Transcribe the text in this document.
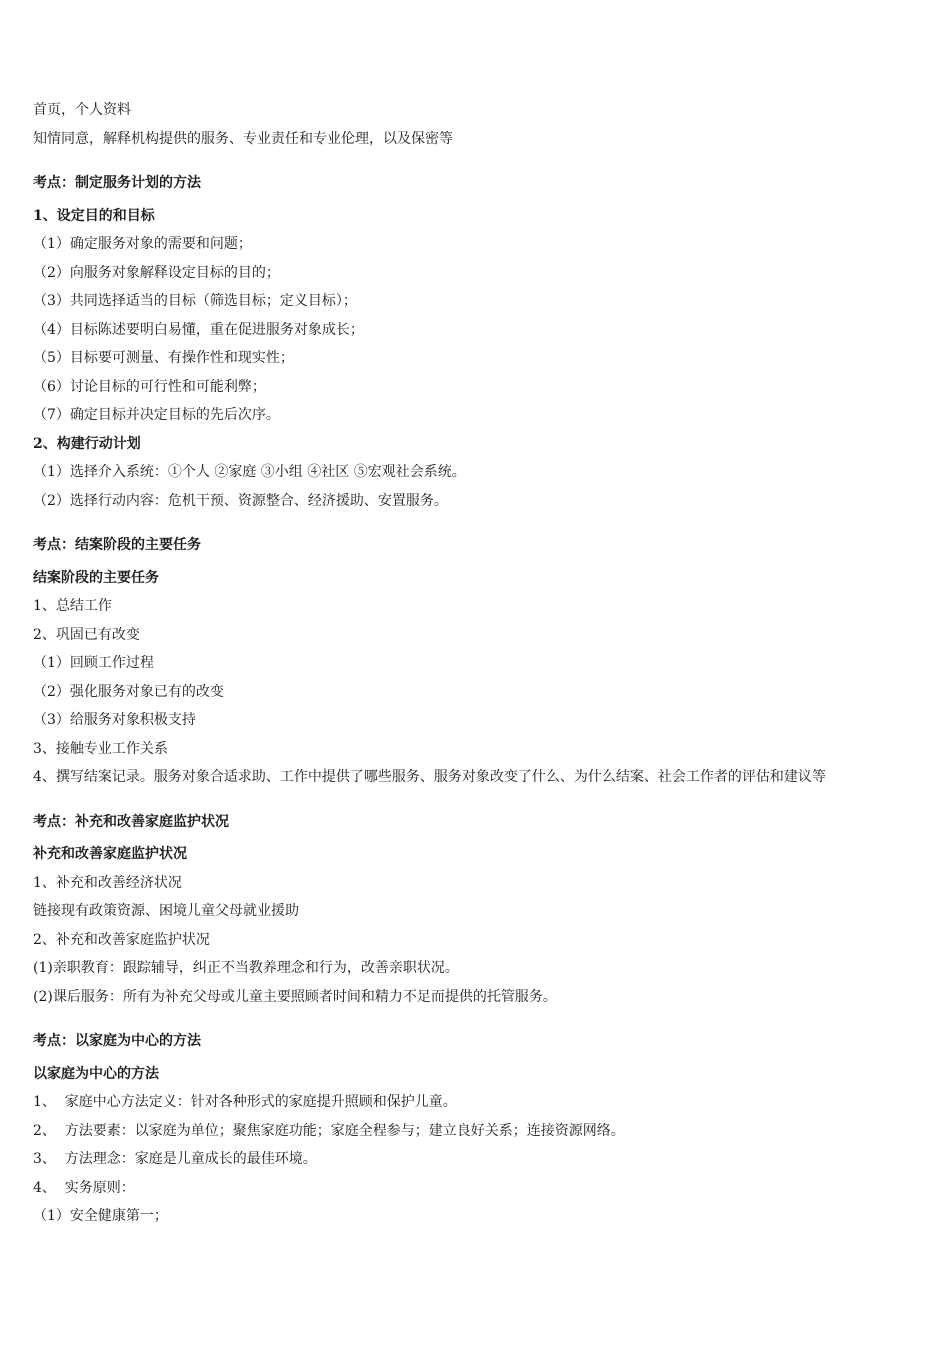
首页，个人资料

知情同意，解释机构提供的服务、专业责任和专业伦理，以及保密等

考点：制定服务计划的方法

1、设定目的和目标

（1）确定服务对象的需要和问题；

（2）向服务对象解释设定目标的目的；

（3）共同选择适当的目标（筛选目标；定义目标）；

（4）目标陈述要明白易懂，重在促进服务对象成长；

（5）目标要可测量、有操作性和现实性；

（6）讨论目标的可行性和可能利弊；

（7）确定目标并决定目标的先后次序。

2、构建行动计划

（1）选择介入系统：①个人 ②家庭 ③小组 ④社区 ⑤宏观社会系统。

（2）选择行动内容：危机干预、资源整合、经济援助、安置服务。

考点：结案阶段的主要任务

结案阶段的主要任务

1、总结工作

2、巩固已有改变

（1）回顾工作过程

（2）强化服务对象已有的改变

（3）给服务对象积极支持

3、接触专业工作关系

4、撰写结案记录。服务对象合适求助、工作中提供了哪些服务、服务对象改变了什么、为什么结案、社会工作者的评估和建议等

考点：补充和改善家庭监护状况

补充和改善家庭监护状况

1、补充和改善经济状况

链接现有政策资源、困境儿童父母就业援助

2、补充和改善家庭监护状况

(1)亲职教育：跟踪辅导，纠正不当教养理念和行为，改善亲职状况。

(2)课后服务：所有为补充父母或儿童主要照顾者时间和精力不足而提供的托管服务。

考点：以家庭为中心的方法

以家庭为中心的方法

1、  家庭中心方法定义：针对各种形式的家庭提升照顾和保护儿童。

2、  方法要素：以家庭为单位；聚焦家庭功能；家庭全程参与；建立良好关系；连接资源网络。

3、  方法理念：家庭是儿童成长的最佳环境。

4、  实务原则：

（1）安全健康第一；
